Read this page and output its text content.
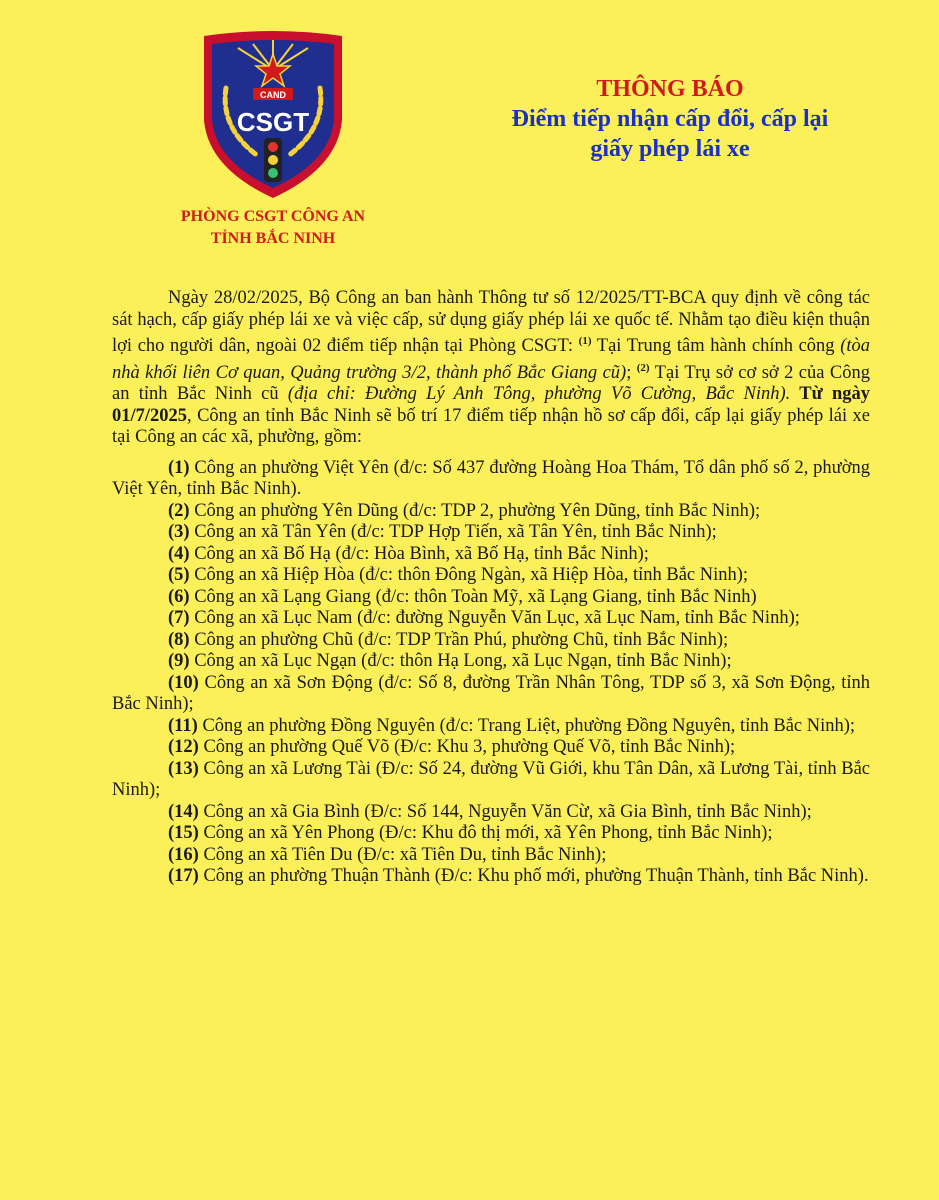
CAND
CSGT
PHÒNG CSGT CÔNG AN
TỈNH BẮC NINH
THÔNG BÁO
Điểm tiếp nhận cấp đổi, cấp lại
giấy phép lái xe

Ngày 28/02/2025, Bộ Công an ban hành Thông tư số 12/2025/TT-BCA quy định về công tác sát hạch, cấp giấy phép lái xe và việc cấp, sử dụng giấy phép lái xe quốc tế. Nhằm tạo điều kiện thuận lợi cho người dân, ngoài 02 điểm tiếp nhận tại Phòng CSGT: $^{(1)}$ Tại Trung tâm hành chính công (tòa nhà khối liên Cơ quan, Quảng trường 3/2, thành phố Bắc Giang cũ); $^{(2)}$ Tại Trụ sở cơ sở 2 của Công an tỉnh Bắc Ninh cũ (địa chỉ: Đường Lý Anh Tông, phường Võ Cường, Bắc Ninh). Từ ngày 01/7/2025, Công an tỉnh Bắc Ninh sẽ bố trí 17 điểm tiếp nhận hồ sơ cấp đổi, cấp lại giấy phép lái xe tại Công an các xã, phường, gồm:

(1) Công an phường Việt Yên (đ/c: Số 437 đường Hoàng Hoa Thám, Tổ dân phố số 2, phường Việt Yên, tỉnh Bắc Ninh).

(2) Công an phường Yên Dũng (đ/c: TDP 2, phường Yên Dũng, tỉnh Bắc Ninh);

(3) Công an xã Tân Yên (đ/c: TDP Hợp Tiến, xã Tân Yên, tỉnh Bắc Ninh);

(4) Công an xã Bố Hạ (đ/c: Hòa Bình, xã Bố Hạ, tỉnh Bắc Ninh);

(5) Công an xã Hiệp Hòa (đ/c: thôn Đông Ngàn, xã Hiệp Hòa, tỉnh Bắc Ninh);

(6) Công an xã Lạng Giang (đ/c: thôn Toàn Mỹ, xã Lạng Giang, tỉnh Bắc Ninh)

(7) Công an xã Lục Nam (đ/c: đường Nguyễn Văn Lục, xã Lục Nam, tỉnh Bắc Ninh);

(8) Công an phường Chũ (đ/c: TDP Trần Phú, phường Chũ, tỉnh Bắc Ninh);

(9) Công an xã Lục Ngạn (đ/c: thôn Hạ Long, xã Lục Ngạn, tỉnh Bắc Ninh);

(10) Công an xã Sơn Động (đ/c: Số 8, đường Trần Nhân Tông, TDP số 3, xã Sơn Động, tỉnh Bắc Ninh);

(11) Công an phường Đồng Nguyên (đ/c: Trang Liệt, phường Đồng Nguyên, tỉnh Bắc Ninh);

(12) Công an phường Quế Võ (Đ/c: Khu 3, phường Quế Võ, tỉnh Bắc Ninh);

(13) Công an xã Lương Tài (Đ/c: Số 24, đường Vũ Giới, khu Tân Dân, xã Lương Tài, tỉnh Bắc Ninh);

(14) Công an xã Gia Bình (Đ/c: Số 144, Nguyễn Văn Cừ, xã Gia Bình, tỉnh Bắc Ninh);

(15) Công an xã Yên Phong (Đ/c: Khu đô thị mới, xã Yên Phong, tỉnh Bắc Ninh);

(16) Công an xã Tiên Du (Đ/c: xã Tiên Du, tỉnh Bắc Ninh);

(17) Công an phường Thuận Thành (Đ/c: Khu phố mới, phường Thuận Thành, tỉnh Bắc Ninh).
